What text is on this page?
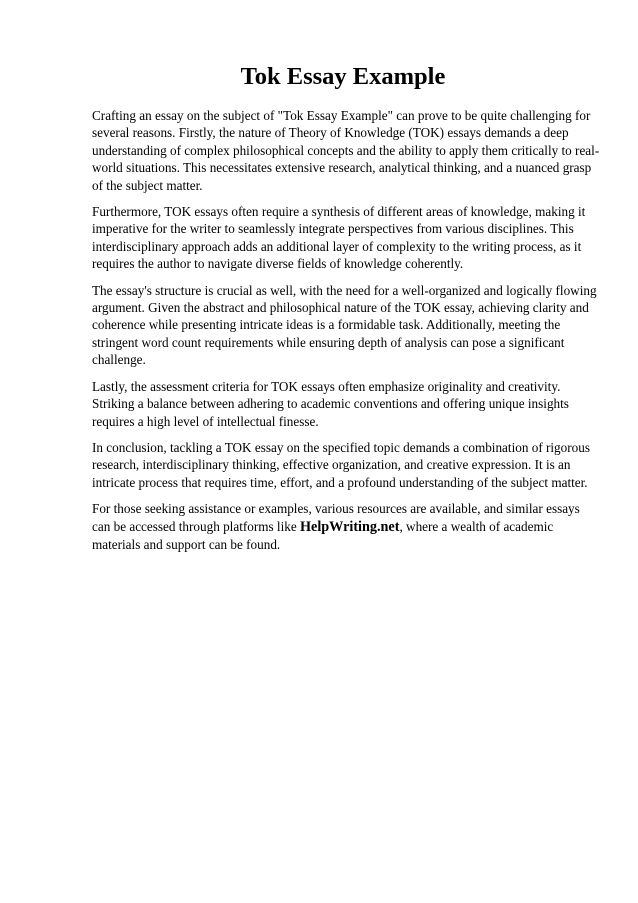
Tok Essay Example

Crafting an essay on the subject of "Tok Essay Example" can prove to be quite challenging for several reasons. Firstly, the nature of Theory of Knowledge (TOK) essays demands a deep understanding of complex philosophical concepts and the ability to apply them critically to real-world situations. This necessitates extensive research, analytical thinking, and a nuanced grasp of the subject matter.

Furthermore, TOK essays often require a synthesis of different areas of knowledge, making it imperative for the writer to seamlessly integrate perspectives from various disciplines. This interdisciplinary approach adds an additional layer of complexity to the writing process, as it requires the author to navigate diverse fields of knowledge coherently.

The essay's structure is crucial as well, with the need for a well-organized and logically flowing argument. Given the abstract and philosophical nature of the TOK essay, achieving clarity and coherence while presenting intricate ideas is a formidable task. Additionally, meeting the stringent word count requirements while ensuring depth of analysis can pose a significant challenge.

Lastly, the assessment criteria for TOK essays often emphasize originality and creativity. Striking a balance between adhering to academic conventions and offering unique insights requires a high level of intellectual finesse.

In conclusion, tackling a TOK essay on the specified topic demands a combination of rigorous research, interdisciplinary thinking, effective organization, and creative expression. It is an intricate process that requires time, effort, and a profound understanding of the subject matter.

For those seeking assistance or examples, various resources are available, and similar essays can be accessed through platforms like HelpWriting.net, where a wealth of academic materials and support can be found.
